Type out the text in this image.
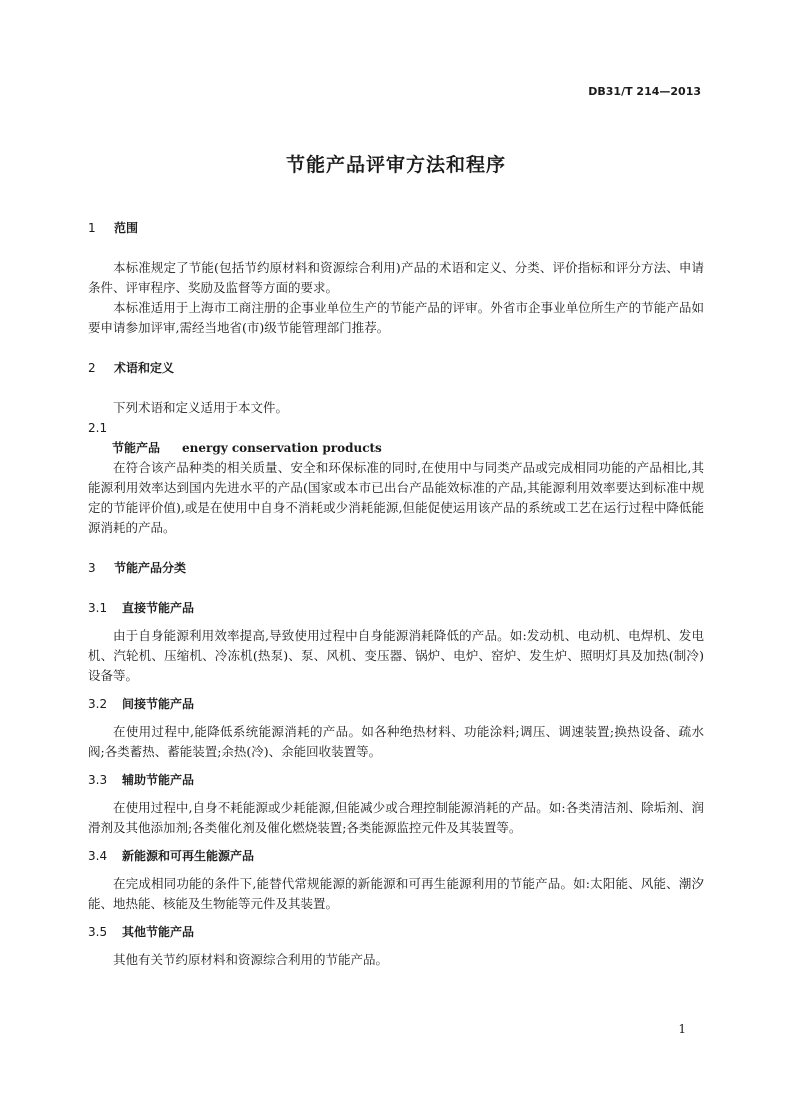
DB31/T 214—2013
节能产品评审方法和程序
1 范围

本标准规定了节能(包括节约原材料和资源综合利用)产品的术语和定义、分类、评价指标和评分方法、申请条件、评审程序、奖励及监督等方面的要求。

本标准适用于上海市工商注册的企事业单位生产的节能产品的评审。外省市企事业单位所生产的节能产品如要申请参加评审,需经当地省(市)级节能管理部门推荐。

2 术语和定义

下列术语和定义适用于本文件。

2.1
节能产品 energy conservation products

在符合该产品种类的相关质量、安全和环保标准的同时,在使用中与同类产品或完成相同功能的产品相比,其能源利用效率达到国内先进水平的产品(国家或本市已出台产品能效标准的产品,其能源利用效率要达到标准中规定的节能评价值),或是在使用中自身不消耗或少消耗能源,但能促使运用该产品的系统或工艺在运行过程中降低能源消耗的产品。

3 节能产品分类
3.1 直接节能产品

由于自身能源利用效率提高,导致使用过程中自身能源消耗降低的产品。如:发动机、电动机、电焊机、发电机、汽轮机、压缩机、冷冻机(热泵)、泵、风机、变压器、锅炉、电炉、窑炉、发生炉、照明灯具及加热(制冷)设备等。

3.2 间接节能产品

在使用过程中,能降低系统能源消耗的产品。如各种绝热材料、功能涂料;调压、调速装置;换热设备、疏水阀;各类蓄热、蓄能装置;余热(冷)、余能回收装置等。

3.3 辅助节能产品

在使用过程中,自身不耗能源或少耗能源,但能减少或合理控制能源消耗的产品。如:各类清洁剂、除垢剂、润滑剂及其他添加剂;各类催化剂及催化燃烧装置;各类能源监控元件及其装置等。

3.4 新能源和可再生能源产品

在完成相同功能的条件下,能替代常规能源的新能源和可再生能源利用的节能产品。如:太阳能、风能、潮汐能、地热能、核能及生物能等元件及其装置。

3.5 其他节能产品

其他有关节约原材料和资源综合利用的节能产品。

1
